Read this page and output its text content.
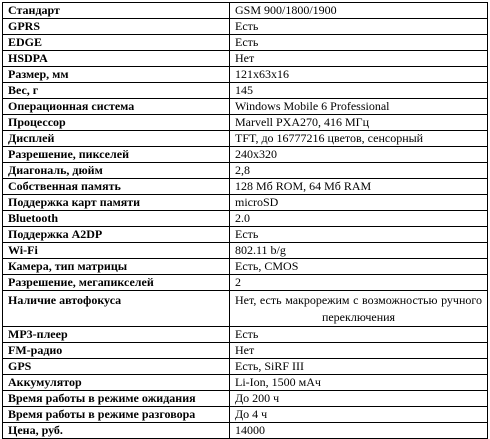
Стандарт	GSM 900/1800/1900
GPRS	Есть
EDGE	Есть
HSDPA	Нет
Размер, мм	121x63x16
Вес, г	145
Операционная система	Windows Mobile 6 Professional
Процессор	Marvell PXA270, 416 МГц
Дисплей	TFT, до 16777216 цветов, сенсорный
Разрешение, пикселей	240x320
Диагональ, дюйм	2,8
Собственная память	128 Мб ROM, 64 Мб RAM
Поддержка карт памяти	microSD
Bluetooth	2.0
Поддержка A2DP	Есть
Wi-Fi	802.11 b/g
Камера, тип матрицы	Есть, CMOS
Разрешение, мегапикселей	2
Наличие автофокуса	Нет, есть макрорежим с возможностью ручного переключения
MP3-плеер	Есть
FM-радио	Нет
GPS	Есть, SiRF III
Аккумулятор	Li-Ion, 1500 мАч
Время работы в режиме ожидания	До 200 ч
Время работы в режиме разговора	До 4 ч
Цена, руб.	14000
